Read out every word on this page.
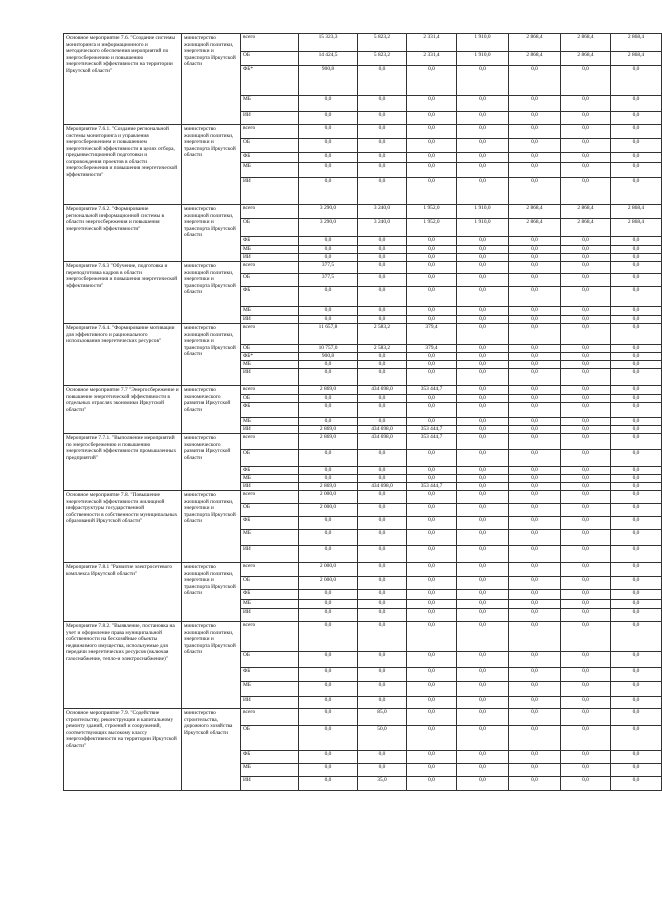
Основное мероприятие 7.6. "Создание системы мониторинга и информационного и методического обеспечения мероприятий по энергосбережению и повышению энергетической эффективности на территории Иркутской области"	министерство жилищной политики, энергетики и транспорта Иркутской области	всего	15 323,3	5 823,2	2 331,4	1 910,0	2 868,4	2 868,4	2 868,4
		ОБ	14 424,5	5 823,2	2 331,4	1 910,0	2 868,4	2 868,4	2 868,4
		ФБ*	900,8	0,0	0,0	0,0	0,0	0,0	0,0
		МБ	0,0	0,0	0,0	0,0	0,0	0,0	0,0
		ИИ	0,0	0,0	0,0	0,0	0,0	0,0	0,0
Мероприятие 7.6.1. "Создание региональной системы мониторинга и управления энергосбережением и повышением энергетической эффективности в целях отбора, предынвестиционной подготовки и сопровождения проектов в области энергосбережения и повышения энергетической эффективности"	министерство жилищной политики, энергетики и транспорта Иркутской области	всего	0,0	0,0	0,0	0,0	0,0	0,0	0,0
		ОБ	0,0	0,0	0,0	0,0	0,0	0,0	0,0
		ФБ	0,0	0,0	0,0	0,0	0,0	0,0	0,0
		МБ	0,0	0,0	0,0	0,0	0,0	0,0	0,0
		ИИ	0,0	0,0	0,0	0,0	0,0	0,0	0,0
Мероприятие 7.6.2. "Формирование региональной информационной системы в области энергосбережения и повышения энергетической эффективности"	министерство жилищной политики, энергетики и транспорта Иркутской области	всего	3 290,0	3 240,0	1 952,0	1 910,0	2 868,4	2 868,4	2 868,4
		ОБ	3 290,0	3 240,0	1 952,0	1 910,0	2 868,4	2 868,4	2 868,4
		ФБ	0,0	0,0	0,0	0,0	0,0	0,0	0,0
		МБ	0,0	0,0	0,0	0,0	0,0	0,0	0,0
		ИИ	0,0	0,0	0,0	0,0	0,0	0,0	0,0
Мероприятие 7.6.3 "Обучение, подготовка и переподготовка кадров в области энергосбережения и повышения энергетической эффективности"	министерство жилищной политики, энергетики и транспорта Иркутской области	всего	377,5	0,0	0,0	0,0	0,0	0,0	0,0
		ОБ	377,5	0,0	0,0	0,0	0,0	0,0	0,0
		ФБ	0,0	0,0	0,0	0,0	0,0	0,0	0,0
		МБ	0,0	0,0	0,0	0,0	0,0	0,0	0,0
		ИИ	0,0	0,0	0,0	0,0	0,0	0,0	0,0
Мероприятие 7.6.4. "Формирование мотивации для эффективного и рационального использования энергетических ресурсов"	министерство жилищной политики, энергетики и транспорта Иркутской области	всего	11 657,8	2 583,2	379,4	0,0	0,0	0,0	0,0
		ОБ	10 757,0	2 583,2	379,4	0,0	0,0	0,0	0,0
		ФБ*	900,8	0,0	0,0	0,0	0,0	0,0	0,0
		МБ	0,0	0,0	0,0	0,0	0,0	0,0	0,0
		ИИ	0,0	0,0	0,0	0,0	0,0	0,0	0,0
Основное мероприятие 7.7 "Энергосбережение и повышение энергетической эффективности в отдельных отраслях экономики Иркутской области"	министерство экономического развития Иркутской области	всего	2 869,0	434 698,0	353 444,7	0,0	0,0	0,0	0,0
		ОБ	0,0	0,0	0,0	0,0	0,0	0,0	0,0
		ФБ	0,0	0,0	0,0	0,0	0,0	0,0	0,0
		МБ	0,0	0,0	0,0	0,0	0,0	0,0	0,0
		ИИ	2 869,0	434 698,0	353 444,7	0,0	0,0	0,0	0,0
Мероприятие 7.7.1. "Выполнение мероприятий по энергосбережению и повышению энергетической эффективности промышленных предприятий"	министерство экономического развития Иркутской области	всего	2 869,0	434 698,0	353 444,7	0,0	0,0	0,0	0,0
		ОБ	0,0	0,0	0,0	0,0	0,0	0,0	0,0
		ФБ	0,0	0,0	0,0	0,0	0,0	0,0	0,0
		МБ	0,0	0,0	0,0	0,0	0,0	0,0	0,0
		ИИ	2 869,0	434 698,0	353 444,7	0,0	0,0	0,0	0,0
Основное мероприятие 7.8. "Повышение энергетической эффективности жилищной инфраструктуры государственной собственности в собственности муниципальных образований Иркутской области"	министерство жилищной политики, энергетики и транспорта Иркутской области	всего	2 000,0	0,0	0,0	0,0	0,0	0,0	0,0
		ОБ	2 000,0	0,0	0,0	0,0	0,0	0,0	0,0
		ФБ	0,0	0,0	0,0	0,0	0,0	0,0	0,0
		МБ	0,0	0,0	0,0	0,0	0,0	0,0	0,0
		ИИ	0,0	0,0	0,0	0,0	0,0	0,0	0,0
Мероприятие 7.8.1 "Развитие электросетевого комплекса Иркутской области"	министерство жилищной политики, энергетики и транспорта Иркутской области	всего	2 000,0	0,0	0,0	0,0	0,0	0,0	0,0
		ОБ	2 000,0	0,0	0,0	0,0	0,0	0,0	0,0
		ФБ	0,0	0,0	0,0	0,0	0,0	0,0	0,0
		МБ	0,0	0,0	0,0	0,0	0,0	0,0	0,0
		ИИ	0,0	0,0	0,0	0,0	0,0	0,0	0,0
Мероприятие 7.8.2. "Выявление, постановка на учет и оформление права муниципальной собственности на бесхозяйные объекты недвижимого имущества, используемые для передачи энергетических ресурсов (включая газоснабжение, тепло-и электроснабжение)"	министерство жилищной политики, энергетики и транспорта Иркутской области	всего	0,0	0,0	0,0	0,0	0,0	0,0	0,0
		ОБ	0,0	0,0	0,0	0,0	0,0	0,0	0,0
		ФБ	0,0	0,0	0,0	0,0	0,0	0,0	0,0
		МБ	0,0	0,0	0,0	0,0	0,0	0,0	0,0
		ИИ	0,0	0,0	0,0	0,0	0,0	0,0	0,0
Основное мероприятие 7.9. "Содействие строительству, реконструкции и капитальному ремонту зданий, строений и сооружений, соответствующих высокому классу энергоэффективности на территории Иркутской области"	министерство строительства, дорожного хозяйства Иркутской области	всего	0,0	85,0	0,0	0,0	0,0	0,0	0,0
		ОБ	0,0	50,0	0,0	0,0	0,0	0,0	0,0
		ФБ	0,0	0,0	0,0	0,0	0,0	0,0	0,0
		МБ	0,0	0,0	0,0	0,0	0,0	0,0	0,0
		ИИ	0,0	35,0	0,0	0,0	0,0	0,0	0,0
